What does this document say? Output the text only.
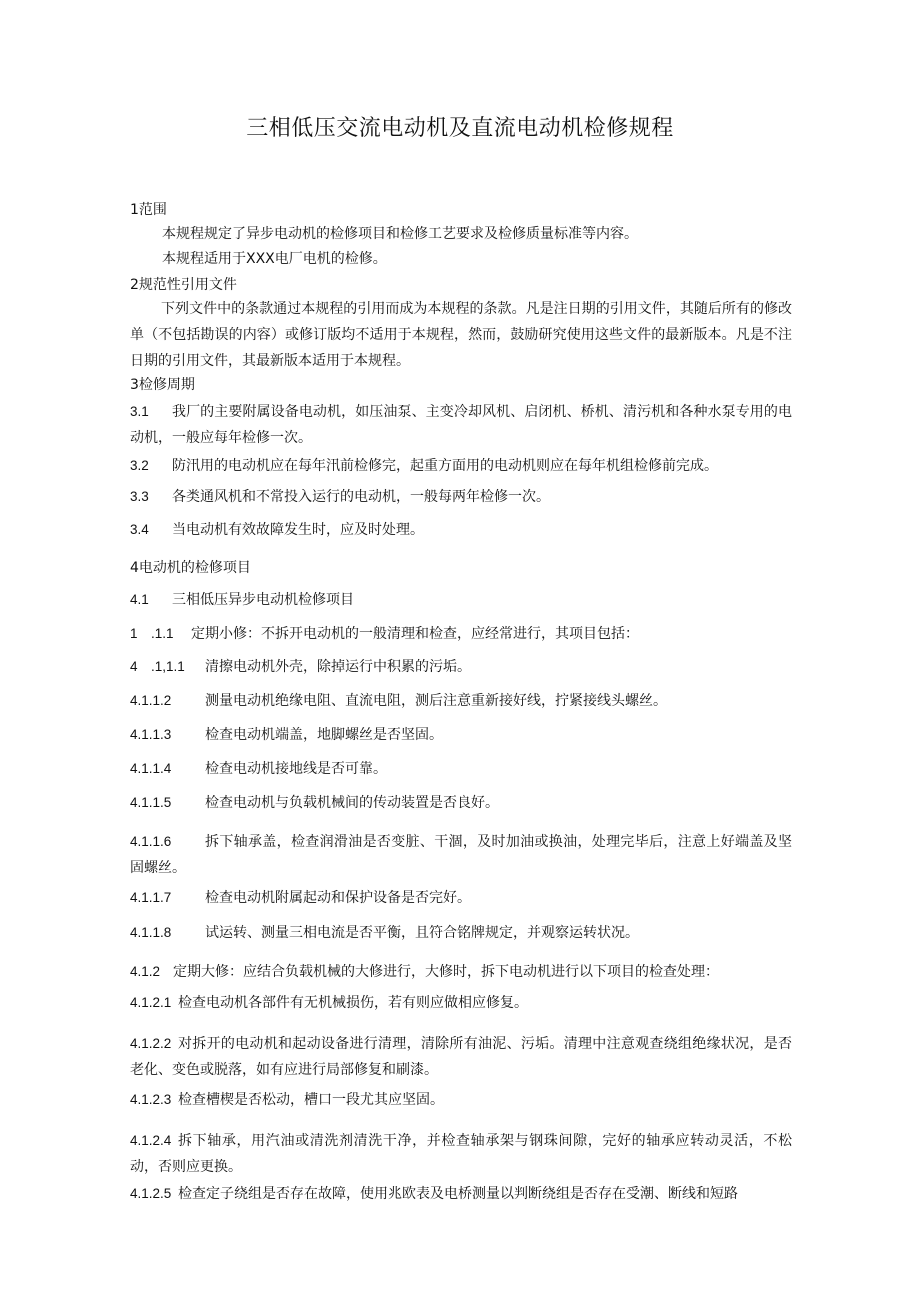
三相低压交流电动机及直流电动机检修规程
1范围
本规程规定了异步电动机的检修项目和检修工艺要求及检修质量标准等内容。
本规程适用于XXX电厂电机的检修。
2规范性引用文件
下列文件中的条款通过本规程的引用而成为本规程的条款。凡是注日期的引用文件，其随后所有的修改单（不包括勘误的内容）或修订版均不适用于本规程，然而，鼓励研究使用这些文件的最新版本。凡是不注日期的引用文件，其最新版本适用于本规程。
3检修周期
3.1	我厂的主要附属设备电动机，如压油泵、主变冷却风机、启闭机、桥机、清污机和各种水泵专用的电动机，一般应每年检修一次。
3.2 防汛用的电动机应在每年汛前检修完，起重方面用的电动机则应在每年机组检修前完成。
3.3 各类通风机和不常投入运行的电动机，一般每两年检修一次。
3.4 当电动机有效故障发生时，应及时处理。
4电动机的检修项目
4.1 三相低压异步电动机检修项目
1　.1.1 定期小修：不拆开电动机的一般清理和检查，应经常进行，其项目包括：
4　.1,1.1 清擦电动机外壳，除掉运行中积累的污垢。
4.1.1.2 测量电动机绝缘电阻、直流电阻，测后注意重新接好线，拧紧接线头螺丝。
4.1.1.3 检查电动机端盖，地脚螺丝是否坚固。
4.1.1.4 检查电动机接地线是否可靠。
4.1.1.5 检查电动机与负载机械间的传动装置是否良好。
4.1.1.6	拆下轴承盖，检查润滑油是否变脏、干涸，及时加油或换油，处理完毕后，注意上好端盖及坚固螺丝。
4.1.1.7 检查电动机附属起动和保护设备是否完好。
4.1.1.8 试运转、测量三相电流是否平衡，且符合铭牌规定，并观察运转状况。
4.1.2 定期大修：应结合负载机械的大修进行，大修时，拆下电动机进行以下项目的检查处理：
4.1.2.1 检查电动机各部件有无机械损伤，若有则应做相应修复。
4.1.2.2 对拆开的电动机和起动设备进行清理，清除所有油泥、污垢。清理中注意观查绕组绝缘状况，是否老化、变色或脱落，如有应进行局部修复和刷漆。
4.1.2.3 检查槽楔是否松动，槽口一段尤其应坚固。
4.1.2.4 拆下轴承，用汽油或清洗剂清洗干净，并检查轴承架与钢珠间隙，完好的轴承应转动灵活，不松动，否则应更换。
4.1.2.5 检查定子绕组是否存在故障，使用兆欧表及电桥测量以判断绕组是否存在受潮、断线和短路
